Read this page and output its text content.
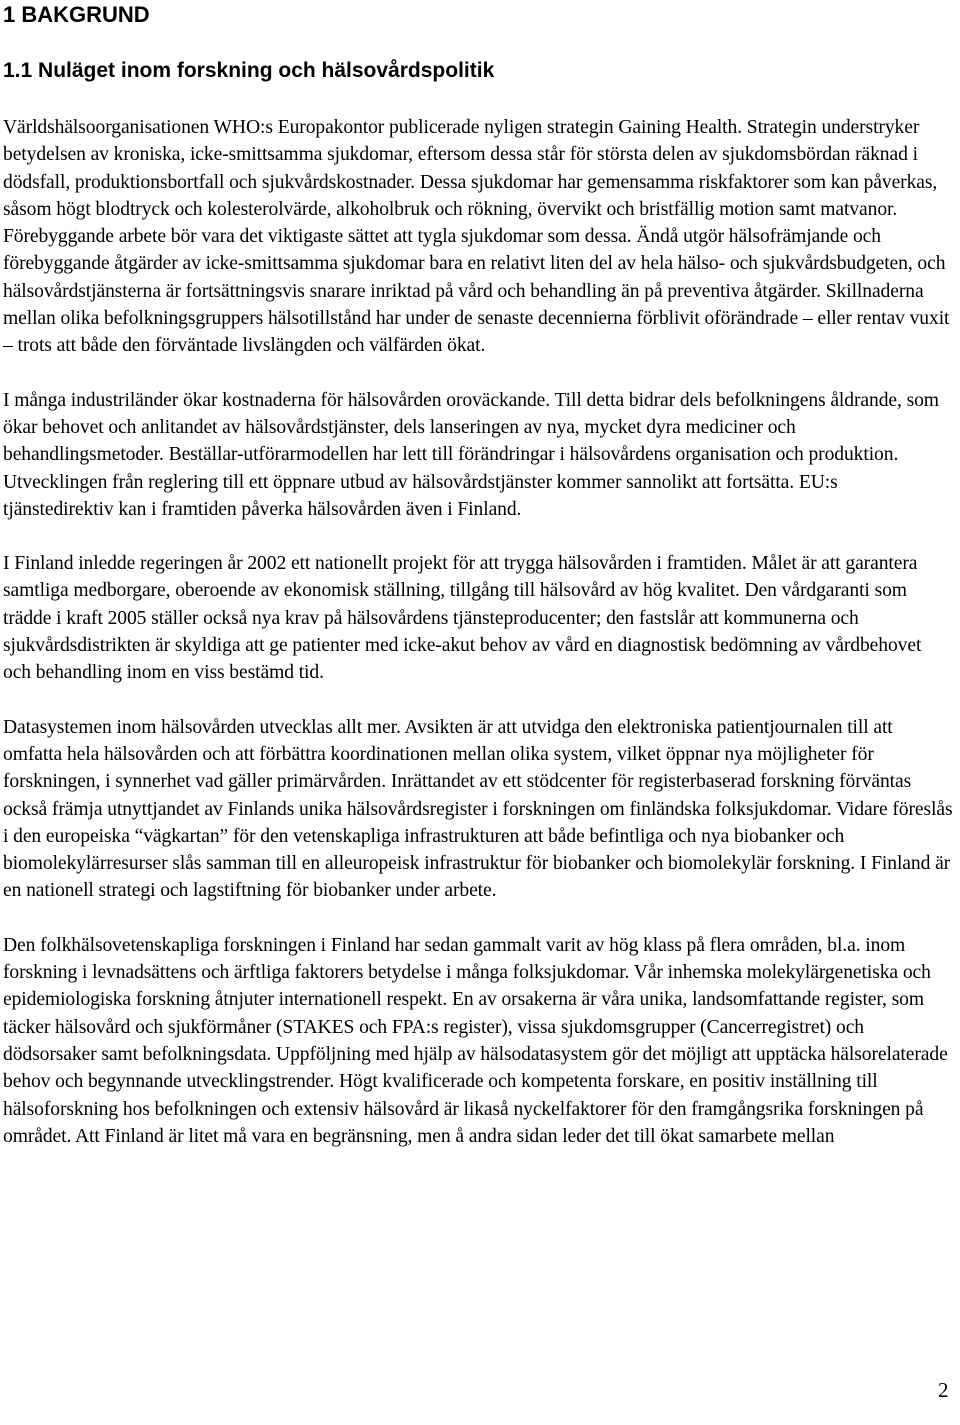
1 BAKGRUND
1.1 Nuläget inom forskning och hälsovårdspolitik

Världshälsoorganisationen WHO:s Europakontor publicerade nyligen strategin Gaining Health. Strategin understryker betydelsen av kroniska, icke-smittsamma sjukdomar, eftersom dessa står för största delen av sjukdomsbördan räknad i dödsfall, produktionsbortfall och sjukvårdskostnader. Dessa sjukdomar har gemensamma riskfaktorer som kan påverkas, såsom högt blodtryck och kolesterolvärde, alkoholbruk och rökning, övervikt och bristfällig motion samt matvanor. Förebyggande arbete bör vara det viktigaste sättet att tygla sjukdomar som dessa. Ändå utgör hälsofrämjande och förebyggande åtgärder av icke-smittsamma sjukdomar bara en relativt liten del av hela hälso- och sjukvårdsbudgeten, och hälsovårdstjänsterna är fortsättningsvis snarare inriktad på vård och behandling än på preventiva åtgärder. Skillnaderna mellan olika befolkningsgruppers hälsotillstånd har under de senaste decennierna förblivit oförändrade – eller rentav vuxit – trots att både den förväntade livslängden och välfärden ökat.

I många industriländer ökar kostnaderna för hälsovården oroväckande. Till detta bidrar dels befolkningens åldrande, som ökar behovet och anlitandet av hälsovårdstjänster, dels lanseringen av nya, mycket dyra mediciner och behandlingsmetoder. Beställar-utförarmodellen har lett till förändringar i hälsovårdens organisation och produktion. Utvecklingen från reglering till ett öppnare utbud av hälsovårdstjänster kommer sannolikt att fortsätta. EU:s tjänstedirektiv kan i framtiden påverka hälsovården även i Finland.

I Finland inledde regeringen år 2002 ett nationellt projekt för att trygga hälsovården i framtiden. Målet är att garantera samtliga medborgare, oberoende av ekonomisk ställning, tillgång till hälsovård av hög kvalitet. Den vårdgaranti som trädde i kraft 2005 ställer också nya krav på hälsovårdens tjänsteproducenter; den fastslår att kommunerna och sjukvårdsdistrikten är skyldiga att ge patienter med icke-akut behov av vård en diagnostisk bedömning av vårdbehovet och behandling inom en viss bestämd tid.

Datasystemen inom hälsovården utvecklas allt mer. Avsikten är att utvidga den elektroniska patientjournalen till att omfatta hela hälsovården och att förbättra koordinationen mellan olika system, vilket öppnar nya möjligheter för forskningen, i synnerhet vad gäller primärvården. Inrättandet av ett stödcenter för registerbaserad forskning förväntas också främja utnyttjandet av Finlands unika hälsovårdsregister i forskningen om finländska folksjukdomar. Vidare föreslås i den europeiska “vägkartan” för den vetenskapliga infrastrukturen att både befintliga och nya biobanker och biomolekylärresurser slås samman till en alleuropeisk infrastruktur för biobanker och biomolekylär forskning. I Finland är en nationell strategi och lagstiftning för biobanker under arbete.

Den folkhälsovetenskapliga forskningen i Finland har sedan gammalt varit av hög klass på flera områden, bl.a. inom forskning i levnadsättens och ärftliga faktorers betydelse i många folksjukdomar. Vår inhemska molekylärgenetiska och epidemiologiska forskning åtnjuter internationell respekt. En av orsakerna är våra unika, landsomfattande register, som täcker hälsovård och sjukförmåner (STAKES och FPA:s register), vissa sjukdomsgrupper (Cancerregistret) och dödsorsaker samt befolkningsdata. Uppföljning med hjälp av hälsodatasystem gör det möjligt att upptäcka hälsorelaterade behov och begynnande utvecklingstrender. Högt kvalificerade och kompetenta forskare, en positiv inställning till hälsoforskning hos befolkningen och extensiv hälsovård är likaså nyckelfaktorer för den framgångsrika forskningen på området. Att Finland är litet må vara en begränsning, men å andra sidan leder det till ökat samarbete mellan

2
